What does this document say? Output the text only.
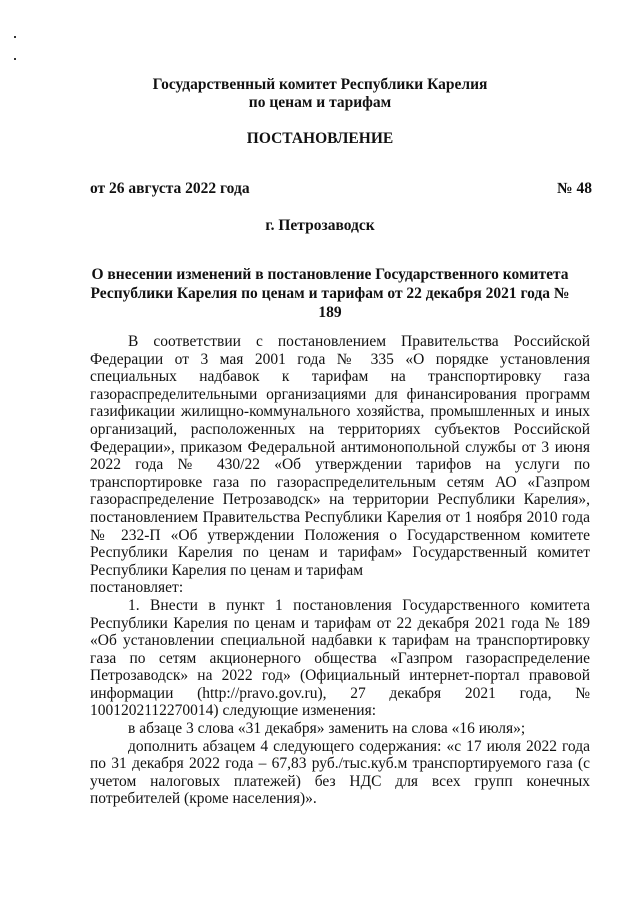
Государственный комитет Республики Карелия
по ценам и тарифам
ПОСТАНОВЛЕНИЕ
от 26 августа 2022 года	№ 48
г. Петрозаводск
О внесении изменений в постановление Государственного комитета
Республики Карелия по ценам и тарифам от 22 декабря 2021 года № 189

В соответствии с постановлением Правительства Российской Федерации от 3 мая 2001 года № 335 «О порядке установления специальных надбавок к тарифам на транспортировку газа газораспределительными организациями для финансирования программ газификации жилищно-коммунального хозяйства, промышленных и иных организаций, расположенных на территориях субъектов Российской Федерации», приказом Федеральной антимонопольной службы от 3 июня 2022 года № 430/22 «Об утверждении тарифов на услуги по транспортировке газа по газораспределительным сетям АО «Газпром газораспределение Петрозаводск» на территории Республики Карелия», постановлением Правительства Республики Карелия от 1 ноября 2010 года № 232-П «Об утверждении Положения о Государственном комитете Республики Карелия по ценам и тарифам» Государственный комитет Республики Карелия по ценам и тарифам

постановляет:

1. Внести в пункт 1 постановления Государственного комитета Республики Карелия по ценам и тарифам от 22 декабря 2021 года № 189 «Об установлении специальной надбавки к тарифам на транспортировку газа по сетям акционерного общества «Газпром газораспределение Петрозаводск» на 2022 год» (Официальный интернет-портал правовой информации (http://pravo.gov.ru), 27 декабря 2021 года, № 1001202112270014) следующие изменения:

в абзаце 3 слова «31 декабря» заменить на слова «16 июля»;

дополнить абзацем 4 следующего содержания: «с 17 июля 2022 года по 31 декабря 2022 года – 67,83 руб./тыс.куб.м транспортируемого газа (с учетом налоговых платежей) без НДС для всех групп конечных потребителей (кроме населения)».
